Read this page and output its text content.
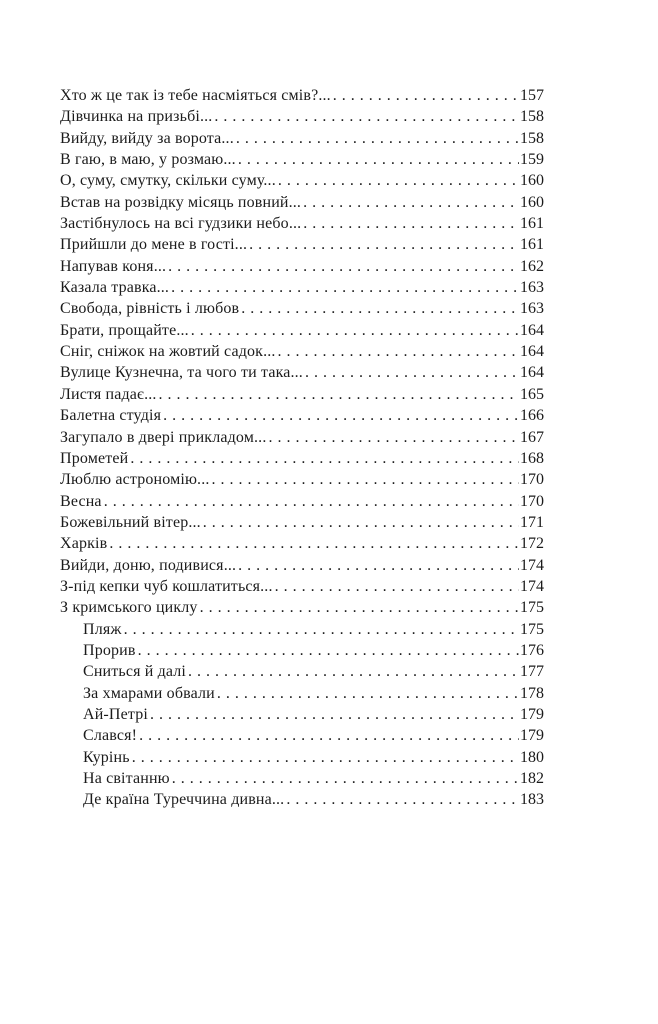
Хто ж це так із тебе насміяться смів?... . . .	157
Дівчинка на призьбі... . . .	158
Вийду, вийду за ворота... . . .	158
В гаю, в маю, у розмаю... . . .	159
О, суму, смутку, скільки суму... . . .	160
Встав на розвідку місяць повний... . . .	160
Застібнулось на всі гудзики небо... . . .	161
Прийшли до мене в гості... . . .	161
Напував коня... . . .	162
Казала травка... . . .	163
Свобода, рівність і любов . . .	163
Брати, прощайте... . . .	164
Сніг, сніжок на жовтий садок... . . .	164
Вулице Кузнечна, та чого ти така... . . .	164
Листя падає... . . .	165
Балетна студія . . .	166
Загупало в двері прикладом... . . .	167
Прометей . . .	168
Люблю астрономію... . . .	170
Весна . . .	170
Божевільний вітер... . . .	171
Харків . . .	172
Вийди, доню, подивися... . . .	174
З-під кепки чуб кошлатиться... . . .	174
З кримського циклу . . .	175
Пляж . . .	175
Прорив . . .	176
Сниться й далі . . .	177
За хмарами обвали . . .	178
Ай-Петрі . . .	179
Слався! . . .	179
Курінь . . .	180
На світанню . . .	182
Де країна Туреччина дивна... . . .	183
